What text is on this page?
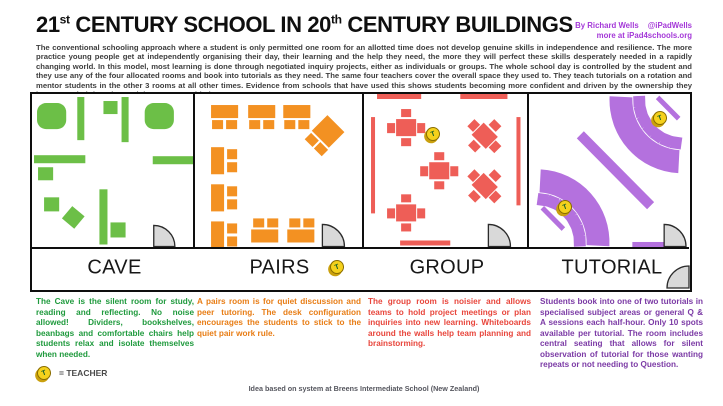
21st CENTURY SCHOOL IN 20th CENTURY BUILDINGS By Richard Wells @iPadWells
more at iPad4schools.org

The conventional schooling approach where a student is only permitted one room for an allotted time does not develop genuine skills in independence and resilience. The more practice young people get at independently organising their day, their learning and the help they need, the more they will perfect these skills desperately needed in a rapidly changing world. In this model, most learning is done through negotiated inquiry projects, either as individuals or groups. The whole school day is controlled by the student and they use any of the four allocated rooms and book into tutorials as they need. The same four teachers cover the overall space they used to. They teach tutorials on a rotation and mentor students in the other 3 rooms at all other times. Evidence from schools that have used this shows students becoming more confident and driven by the ownership they

CAVE	PAIRS	GROUP	TUTORIAL
T
T
T
T

The Cave is the silent room for study, reading and reflecting. No noise allowed! Dividers, bookshelves, beanbags and comfortable chairs help students relax and isolate themselves when needed.

A pairs room is for quiet discussion and peer tutoring. The desk configuration encourages the students to stick to the quiet pair work rule.

The group room is noisier and allows teams to hold project meetings or plan inquiries into new learning. Whiteboards around the walls help team planning and brainstorming.

Students book into one of two tutorials in specialised subject areas or general Q & A sessions each half-hour. Only 10 spots available per tutorial. The room includes central seating that allows for silent observation of tutorial for those wanting repeats or not needing to Question.

T	= TEACHER
Idea based on system at Breens Intermediate School (New Zealand)
